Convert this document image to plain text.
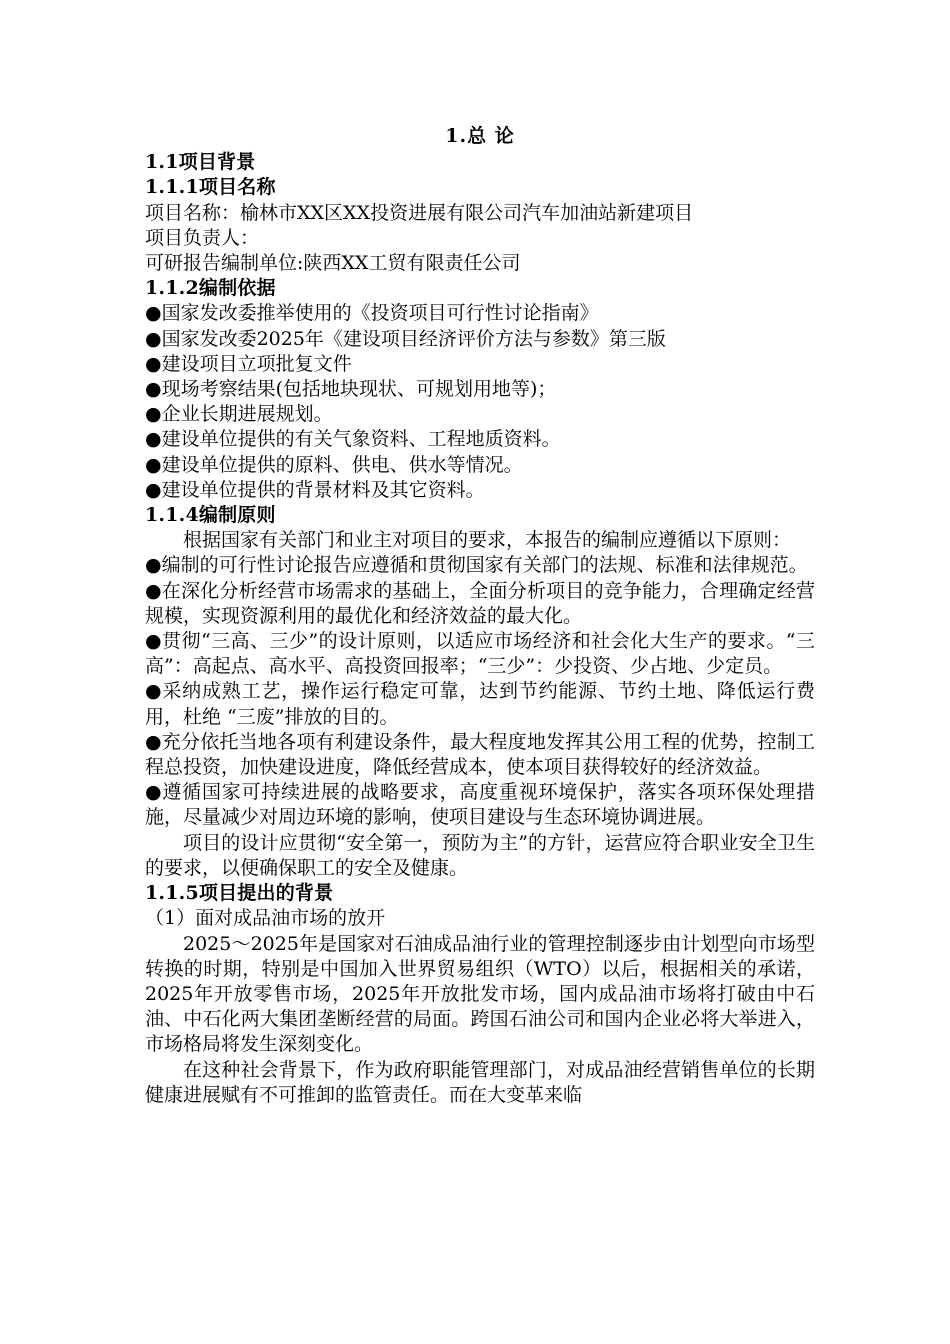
1.总 论
1.1项目背景
1.1.1项目名称
项目名称：榆林市XX区XX投资进展有限公司汽车加油站新建项目
项目负责人：
可研报告编制单位:陕西XX工贸有限责任公司
1.1.2编制依据
●国家发改委推举使用的《投资项目可行性讨论指南》
●国家发改委2025年《建设项目经济评价方法与参数》第三版
●建设项目立项批复文件
●现场考察结果(包括地块现状、可规划用地等)；
●企业长期进展规划。
●建设单位提供的有关气象资料、工程地质资料。
●建设单位提供的原料、供电、供水等情况。
●建设单位提供的背景材料及其它资料。
1.1.4编制原则
根据国家有关部门和业主对项目的要求，本报告的编制应遵循以下原则：
●编制的可行性讨论报告应遵循和贯彻国家有关部门的法规、标准和法律规范。
●在深化分析经营市场需求的基础上，全面分析项目的竞争能力，合理确定经营规模，实现资源利用的最优化和经济效益的最大化。
●贯彻“三高、三少”的设计原则，以适应市场经济和社会化大生产的要求。“三高”：高起点、高水平、高投资回报率；“三少”：少投资、少占地、少定员。
●采纳成熟工艺，操作运行稳定可靠，达到节约能源、节约土地、降低运行费用，杜绝 “三废”排放的目的。
●充分依托当地各项有利建设条件，最大程度地发挥其公用工程的优势，控制工程总投资，加快建设进度，降低经营成本，使本项目获得较好的经济效益。
●遵循国家可持续进展的战略要求，高度重视环境保护，落实各项环保处理措施，尽量减少对周边环境的影响，使项目建设与生态环境协调进展。
项目的设计应贯彻“安全第一，预防为主”的方针，运营应符合职业安全卫生的要求，以便确保职工的安全及健康。
1.1.5项目提出的背景
（1）面对成品油市场的放开
2025～2025年是国家对石油成品油行业的管理控制逐步由计划型向市场型转换的时期，特别是中国加入世界贸易组织（WTO）以后，根据相关的承诺，2025年开放零售市场，2025年开放批发市场，国内成品油市场将打破由中石油、中石化两大集团垄断经营的局面。跨国石油公司和国内企业必将大举进入，市场格局将发生深刻变化。
在这种社会背景下，作为政府职能管理部门，对成品油经营销售单位的长期健康进展赋有不可推卸的监管责任。而在大变革来临
